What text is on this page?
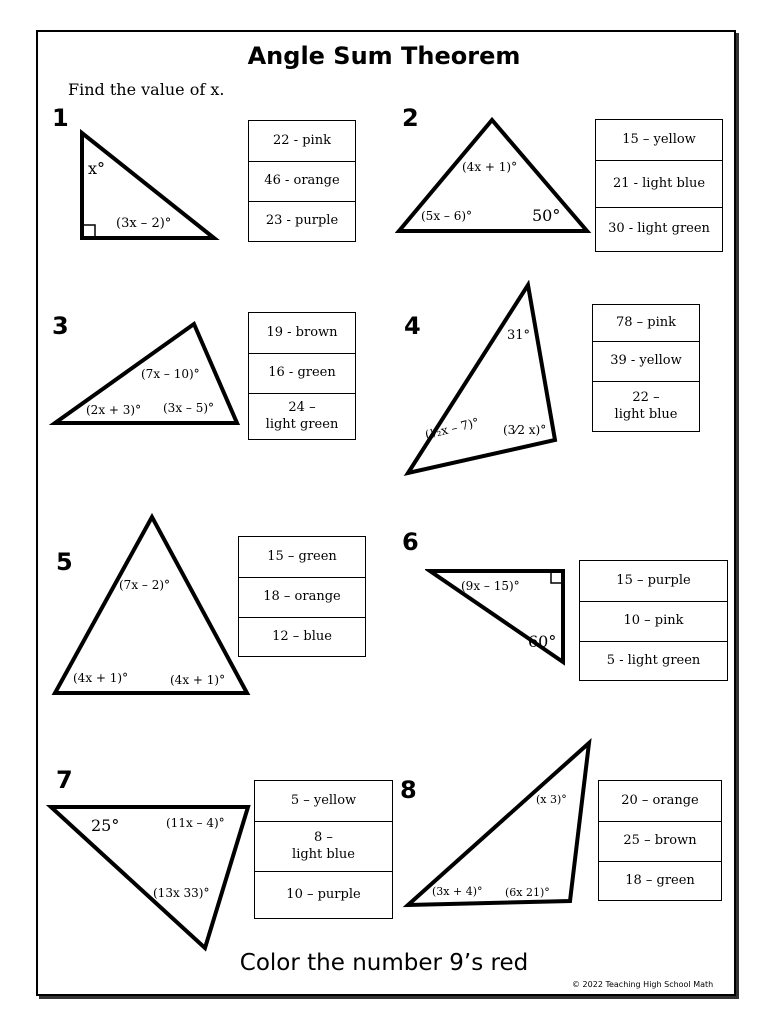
Angle Sum Theorem
Find the value of x.
1
x°
(3x – 2)°
22 - pink
46 - orange
23 - purple
2
(4x + 1)°
(5x – 6)°	50°
15 – yellow
21 - light blue
30 - light green
3
(7x – 10)°
(2x + 3)° (3x – 5)°
19 - brown
16 - green
24 –
light green
4	31°
(½x – 7)° (3⁄2 x)°
78 – pink
39 - yellow
22 –
light blue
5
(7x – 2)°
(4x + 1)°	(4x + 1)°
15 – green
18 – orange
12 – blue
6
(9x – 15)°
60°
15 – purple
10 – pink
5 - light green
7
25°	(11x – 4)°
(13x 33)°
5 – yellow
8 –
light blue
10 – purple
8	(x 3)°
(3x + 4)° (6x 21)°
20 – orange
25 – brown
18 – green
Color the number 9’s red
© 2022 Teaching High School Math
